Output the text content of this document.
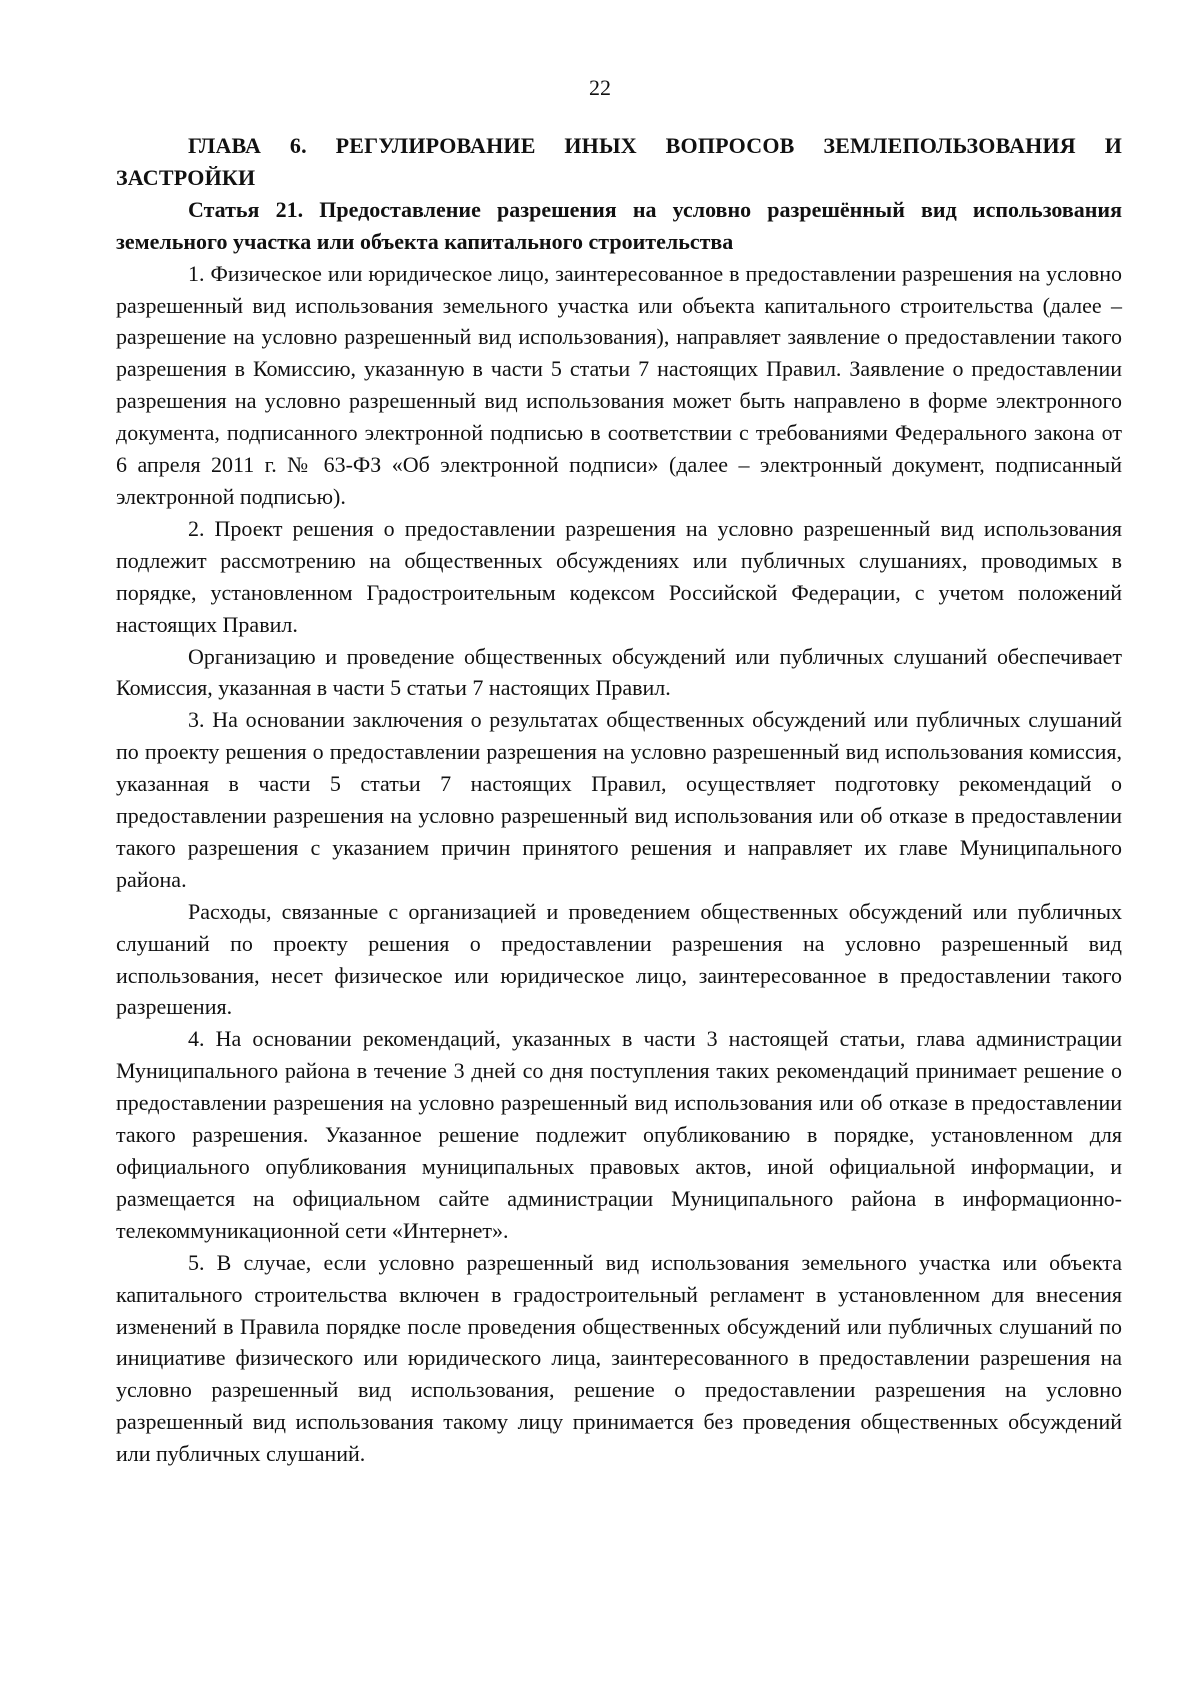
22

ГЛАВА 6. РЕГУЛИРОВАНИЕ ИНЫХ ВОПРОСОВ ЗЕМЛЕПОЛЬЗОВАНИЯ И ЗАСТРОЙКИ

Статья 21. Предоставление разрешения на условно разрешённый вид использования земельного участка или объекта капитального строительства

1. Физическое или юридическое лицо, заинтересованное в предоставлении разрешения на условно разрешенный вид использования земельного участка или объекта капитального строительства (далее – разрешение на условно разрешенный вид использования), направляет заявление о предоставлении такого разрешения в Комиссию, указанную в части 5 статьи 7 настоящих Правил. Заявление о предоставлении разрешения на условно разрешенный вид использования может быть направлено в форме электронного документа, подписанного электронной подписью в соответствии с требованиями Федерального закона от 6 апреля 2011 г. № 63-ФЗ «Об электронной подписи» (далее – электронный документ, подписанный электронной подписью).

2. Проект решения о предоставлении разрешения на условно разрешенный вид использования подлежит рассмотрению на общественных обсуждениях или публичных слушаниях, проводимых в порядке, установленном Градостроительным кодексом Российской Федерации, с учетом положений настоящих Правил.

Организацию и проведение общественных обсуждений или публичных слушаний обеспечивает Комиссия, указанная в части 5 статьи 7 настоящих Правил.

3. На основании заключения о результатах общественных обсуждений или публичных слушаний по проекту решения о предоставлении разрешения на условно разрешенный вид использования комиссия, указанная в части 5 статьи 7 настоящих Правил, осуществляет подготовку рекомендаций о предоставлении разрешения на условно разрешенный вид использования или об отказе в предоставлении такого разрешения с указанием причин принятого решения и направляет их главе Муниципального района.

Расходы, связанные с организацией и проведением общественных обсуждений или публичных слушаний по проекту решения о предоставлении разрешения на условно разрешенный вид использования, несет физическое или юридическое лицо, заинтересованное в предоставлении такого разрешения.

4. На основании рекомендаций, указанных в части 3 настоящей статьи, глава администрации Муниципального района в течение 3 дней со дня поступления таких рекомендаций принимает решение о предоставлении разрешения на условно разрешенный вид использования или об отказе в предоставлении такого разрешения. Указанное решение подлежит опубликованию в порядке, установленном для официального опубликования муниципальных правовых актов, иной официальной информации, и размещается на официальном сайте администрации Муниципального района в информационно-телекоммуникационной сети «Интернет».

5. В случае, если условно разрешенный вид использования земельного участка или объекта капитального строительства включен в градостроительный регламент в установленном для внесения изменений в Правила порядке после проведения общественных обсуждений или публичных слушаний по инициативе физического или юридического лица, заинтересованного в предоставлении разрешения на условно разрешенный вид использования, решение о предоставлении разрешения на условно разрешенный вид использования такому лицу принимается без проведения общественных обсуждений или публичных слушаний.
